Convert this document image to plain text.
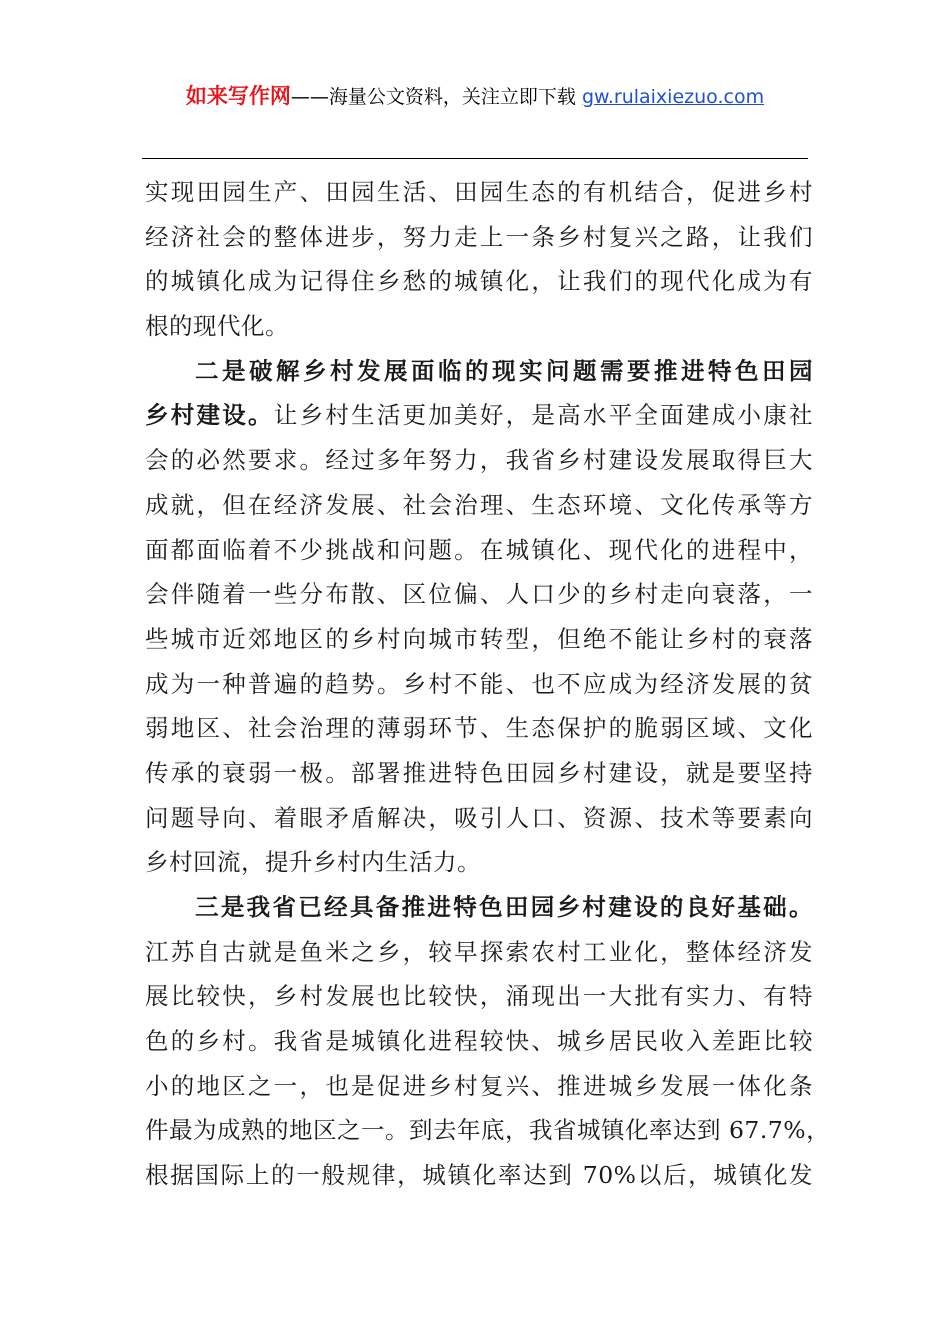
如来写作网——海量公文资料，关注立即下载 gw.rulaixiezuo.com
实现田园生产、田园生活、田园生态的有机结合，促进乡村
经济社会的整体进步，努力走上一条乡村复兴之路，让我们
的城镇化成为记得住乡愁的城镇化，让我们的现代化成为有
根的现代化。
二是破解乡村发展面临的现实问题需要推进特色田园
乡村建设。让乡村生活更加美好，是高水平全面建成小康社
会的必然要求。经过多年努力，我省乡村建设发展取得巨大
成就，但在经济发展、社会治理、生态环境、文化传承等方
面都面临着不少挑战和问题。在城镇化、现代化的进程中，
会伴随着一些分布散、区位偏、人口少的乡村走向衰落，一
些城市近郊地区的乡村向城市转型，但绝不能让乡村的衰落
成为一种普遍的趋势。乡村不能、也不应成为经济发展的贫
弱地区、社会治理的薄弱环节、生态保护的脆弱区域、文化
传承的衰弱一极。部署推进特色田园乡村建设，就是要坚持
问题导向、着眼矛盾解决，吸引人口、资源、技术等要素向
乡村回流，提升乡村内生活力。
三是我省已经具备推进特色田园乡村建设的良好基础。
江苏自古就是鱼米之乡，较早探索农村工业化，整体经济发
展比较快，乡村发展也比较快，涌现出一大批有实力、有特
色的乡村。我省是城镇化进程较快、城乡居民收入差距比较
小的地区之一，也是促进乡村复兴、推进城乡发展一体化条
件最为成熟的地区之一。到去年底，我省城镇化率达到 67.7%，
根据国际上的一般规律，城镇化率达到 70%以后，城镇化发
